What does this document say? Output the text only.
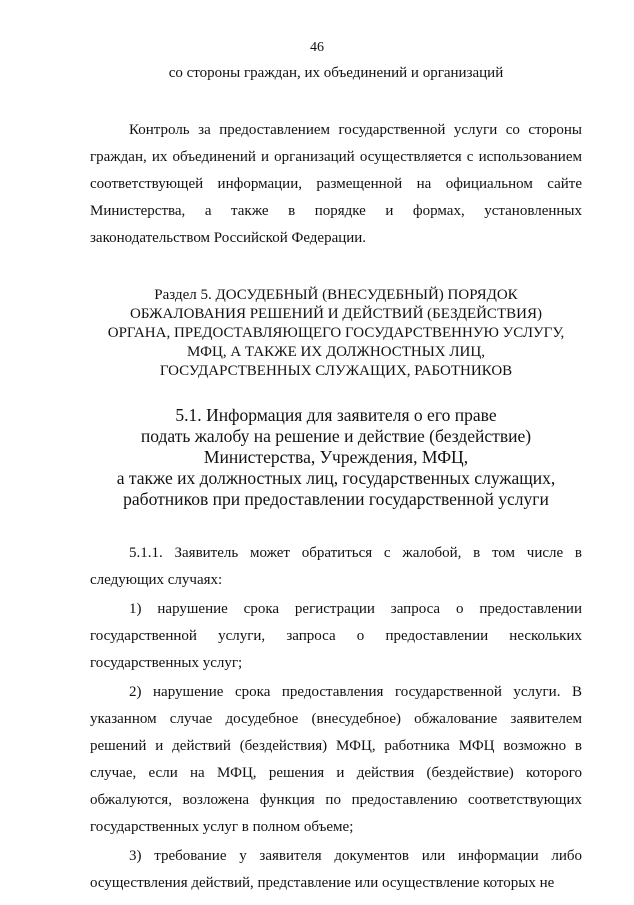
46

со стороны граждан, их объединений и организаций

Контроль за предоставлением государственной услуги со стороны граждан, их объединений и организаций осуществляется с использованием соответствующей информации, размещенной на официальном сайте Министерства, а также в порядке и формах, установленных законодательством Российской Федерации.

Раздел 5. ДОСУДЕБНЫЙ (ВНЕСУДЕБНЫЙ) ПОРЯДОК
ОБЖАЛОВАНИЯ РЕШЕНИЙ И ДЕЙСТВИЙ (БЕЗДЕЙСТВИЯ)
ОРГАНА, ПРЕДОСТАВЛЯЮЩЕГО ГОСУДАРСТВЕННУЮ УСЛУГУ,
МФЦ, А ТАКЖЕ ИХ ДОЛЖНОСТНЫХ ЛИЦ,
ГОСУДАРСТВЕННЫХ СЛУЖАЩИХ, РАБОТНИКОВ
5.1. Информация для заявителя о его праве
подать жалобу на решение и действие (бездействие)
Министерства, Учреждения, МФЦ,
а также их должностных лиц, государственных служащих,
работников при предоставлении государственной услуги

5.1.1. Заявитель может обратиться с жалобой, в том числе в следующих случаях:

1) нарушение срока регистрации запроса о предоставлении государственной услуги, запроса о предоставлении нескольких государственных услуг;

2) нарушение срока предоставления государственной услуги. В указанном случае досудебное (внесудебное) обжалование заявителем решений и действий (бездействия) МФЦ, работника МФЦ возможно в случае, если на МФЦ, решения и действия (бездействие) которого обжалуются, возложена функция по предоставлению соответствующих государственных услуг в полном объеме;

3) требование у заявителя документов или информации либо осуществления действий, представление или осуществление которых не
